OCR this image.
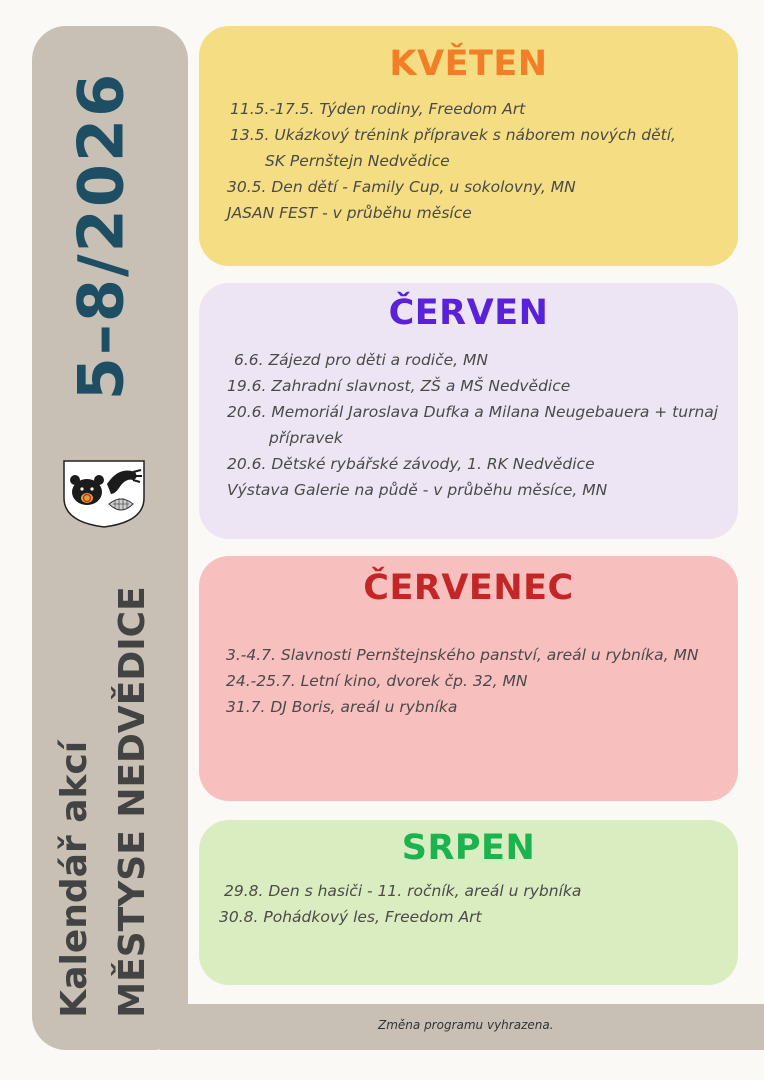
5–8/2026
Kalendář akcí MĚSTYSE NEDVĚDICE
KVĚTEN
11.5.-17.5. Týden rodiny, Freedom Art
13.5. Ukázkový trénink přípravek s náborem nových dětí,
SK Pernštejn Nedvědice
30.5. Den dětí - Family Cup, u sokolovny, MN
JASAN FEST - v průběhu měsíce
ČERVEN
6.6. Zájezd pro děti a rodiče, MN
19.6. Zahradní slavnost, ZŠ a MŠ Nedvědice
20.6. Memoriál Jaroslava Dufka a Milana Neugebauera + turnaj
přípravek
20.6. Dětské rybářské závody, 1. RK Nedvědice
Výstava Galerie na půdě - v průběhu měsíce, MN
ČERVENEC
3.-4.7. Slavnosti Pernštejnského panství, areál u rybníka, MN
24.-25.7. Letní kino, dvorek čp. 32, MN
31.7. DJ Boris, areál u rybníka
SRPEN
29.8. Den s hasiči - 11. ročník, areál u rybníka
30.8. Pohádkový les, Freedom Art
Změna programu vyhrazena.
